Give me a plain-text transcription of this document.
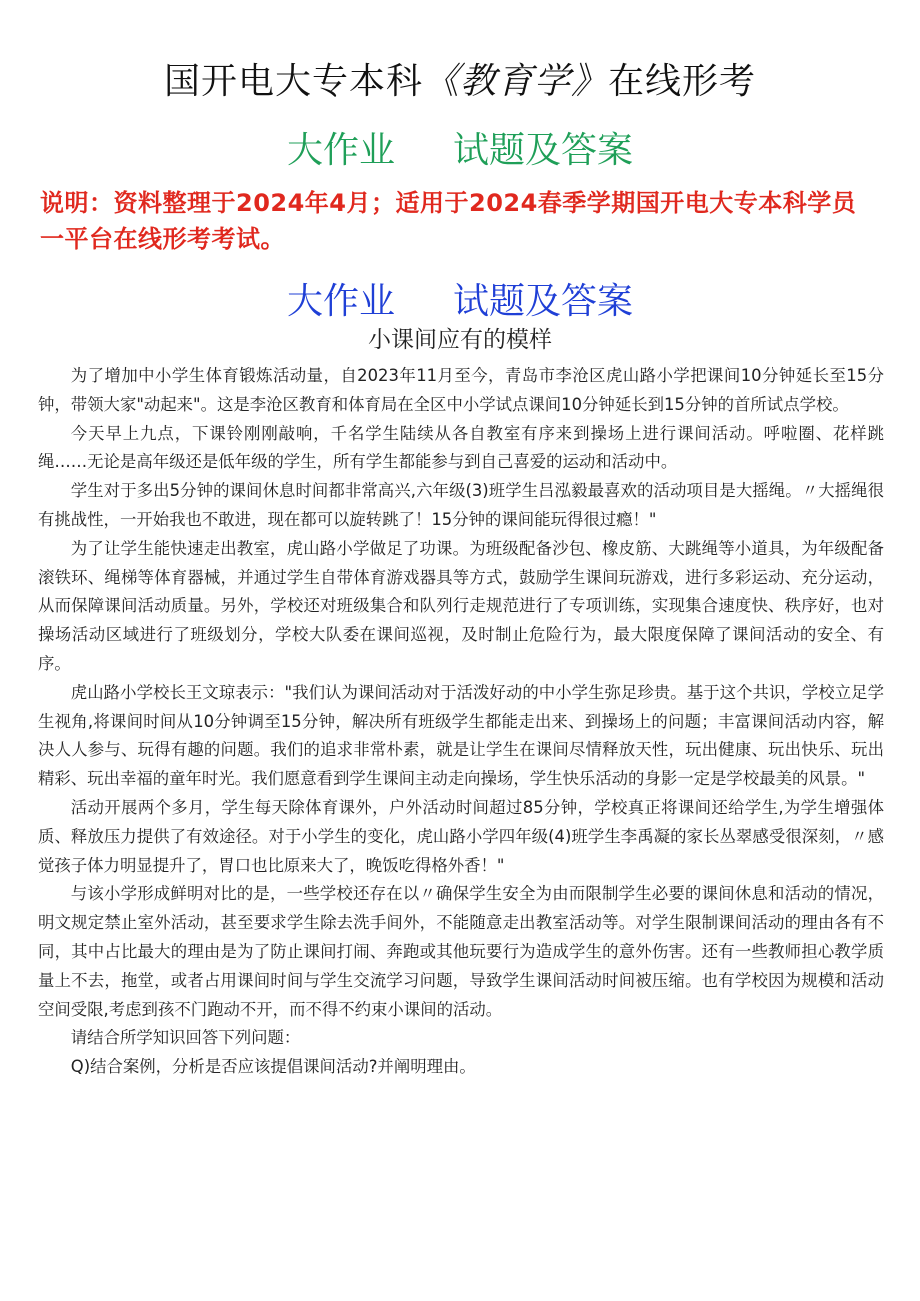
国开电大专本科《教育学》在线形考
大作业 试题及答案
说明：资料整理于2024年4月；适用于2024春季学期国开电大专本科学员一平台在线形考考试。
大作业 试题及答案
小课间应有的模样

为了增加中小学生体育锻炼活动量，自2023年11月至今，青岛市李沧区虎山路小学把课间10分钟延长至15分钟，带领大家"动起来"。这是李沧区教育和体育局在全区中小学试点课间10分钟延长到15分钟的首所试点学校。

今天早上九点，下课铃刚刚敲响，千名学生陆续从各自教室有序来到操场上进行课间活动。呼啦圈、花样跳绳……无论是高年级还是低年级的学生，所有学生都能参与到自己喜爱的运动和活动中。

学生对于多出5分钟的课间休息时间都非常高兴,六年级(3)班学生吕泓毅最喜欢的活动项目是大摇绳。〃大摇绳很有挑战性，一开始我也不敢进，现在都可以旋转跳了！15分钟的课间能玩得很过瘾！"

为了让学生能快速走出教室，虎山路小学做足了功课。为班级配备沙包、橡皮筋、大跳绳等小道具，为年级配备滚铁环、绳梯等体育器械，并通过学生自带体育游戏器具等方式，鼓励学生课间玩游戏，进行多彩运动、充分运动，从而保障课间活动质量。另外，学校还对班级集合和队列行走规范进行了专项训练，实现集合速度快、秩序好，也对操场活动区域进行了班级划分，学校大队委在课间巡视，及时制止危险行为，最大限度保障了课间活动的安全、有序。

虎山路小学校长王文琼表示："我们认为课间活动对于活泼好动的中小学生弥足珍贵。基于这个共识，学校立足学生视角,将课间时间从10分钟调至15分钟，解决所有班级学生都能走出来、到操场上的问题；丰富课间活动内容，解决人人参与、玩得有趣的问题。我们的追求非常朴素，就是让学生在课间尽情释放天性，玩出健康、玩出快乐、玩出精彩、玩出幸福的童年时光。我们愿意看到学生课间主动走向操场，学生快乐活动的身影一定是学校最美的风景。"

活动开展两个多月，学生每天除体育课外，户外活动时间超过85分钟，学校真正将课间还给学生,为学生增强体质、释放压力提供了有效途径。对于小学生的变化，虎山路小学四年级(4)班学生李禹凝的家长丛翠感受很深刻，〃感觉孩子体力明显提升了，胃口也比原来大了，晚饭吃得格外香！"

与该小学形成鲜明对比的是，一些学校还存在以〃确保学生安全为由而限制学生必要的课间休息和活动的情况，明文规定禁止室外活动，甚至要求学生除去洗手间外，不能随意走出教室活动等。对学生限制课间活动的理由各有不同，其中占比最大的理由是为了防止课间打闹、奔跑或其他玩要行为造成学生的意外伤害。还有一些教师担心教学质量上不去，拖堂，或者占用课间时间与学生交流学习问题，导致学生课间活动时间被压缩。也有学校因为规模和活动空间受限,考虑到孩不门跑动不开，而不得不约束小课间的活动。

请结合所学知识回答下列问题：

Q)结合案例，分析是否应该提倡课间活动?并阐明理由。
